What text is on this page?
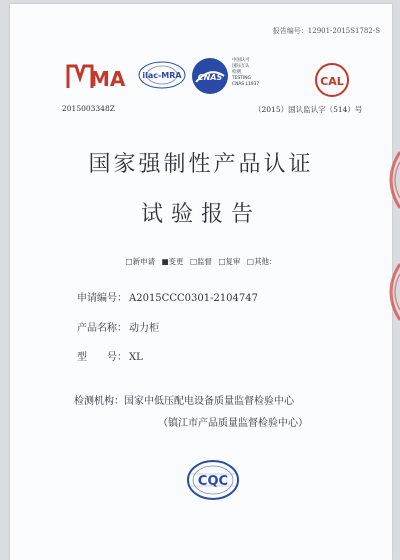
报告编号：12901-2015S1782-S
MA ilac-MRA CNAS
中国认可
国际互认
检测
TESTING
CNAS L1937	CAL
2015003348Z	（2015）国认监认字（514）号
国家强制性产品认证
试验报告
□新申请 ■变更 □监督 □复审 □其他：
申请编号： A2015CCC0301-2104747
产品名称： 动力柜
型　　号： XL
检测机构：国家中低压配电设备质量监督检验中心
（镇江市产品质量监督检验中心）
CQC
